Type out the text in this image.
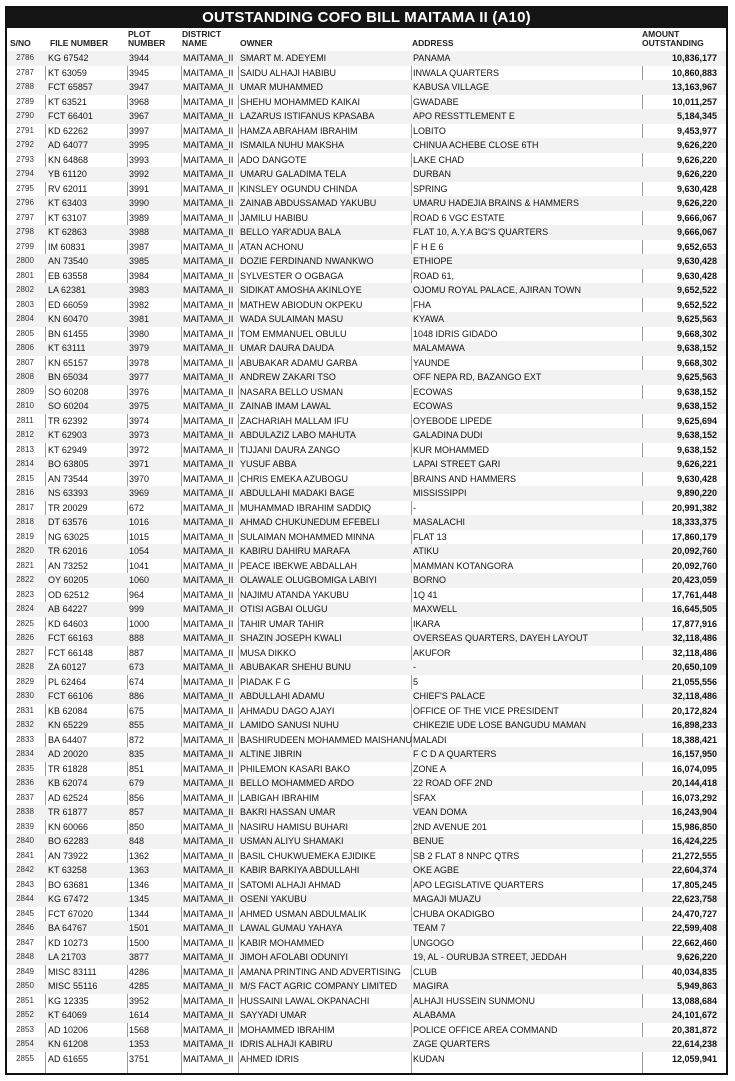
OUTSTANDING COFO BILL MAITAMA II (A10)
S/NO FILE NUMBER
PLOT
NUMBER
DISTRICT
NAME	OWNER	ADDRESS
AMOUNT
OUTSTANDING
2786	KG 67542	3944	MAITAMA_II SMART M. ADEYEMI	PANAMA	10,836,177
2787	KT 63059	3945	MAITAMA_II SAIDU ALHAJI HABIBU	INWALA QUARTERS	10,860,883
2788	FCT 65857	3947	MAITAMA_II UMAR MUHAMMED	KABUSA VILLAGE	13,163,967
2789	KT 63521	3968	MAITAMA_II SHEHU MOHAMMED KAIKAI	GWADABE	10,011,257
2790	FCT 66401	3967	MAITAMA_II LAZARUS ISTIFANUS KPASABA	APO RESSTTLEMENT E	5,184,345
2791	KD 62262	3997	MAITAMA_II HAMZA ABRAHAM IBRAHIM	LOBITO	9,453,977
2792	AD 64077	3995	MAITAMA_II ISMAILA NUHU MAKSHA	CHINUA ACHEBE CLOSE 6TH	9,626,220
2793	KN 64868	3993	MAITAMA_II ADO DANGOTE	LAKE CHAD	9,626,220
2794	YB 61120	3992	MAITAMA_II UMARU GALADIMA TELA	DURBAN	9,626,220
2795	RV 62011	3991	MAITAMA_II KINSLEY OGUNDU CHINDA	SPRING	9,630,428
2796	KT 63403	3990	MAITAMA_II ZAINAB ABDUSSAMAD YAKUBU	UMARU HADEJIA BRAINS & HAMMERS	9,626,220
2797	KT 63107	3989	MAITAMA_II JAMILU HABIBU	ROAD 6 VGC ESTATE	9,666,067
2798	KT 62863	3988	MAITAMA_II BELLO YAR'ADUA BALA	FLAT 10, A.Y.A BG'S QUARTERS	9,666,067
2799	IM 60831	3987	MAITAMA_II ATAN ACHONU	F H E 6	9,652,653
2800	AN 73540	3985	MAITAMA_II DOZIE FERDINAND NWANKWO	ETHIOPE	9,630,428
2801	EB 63558	3984	MAITAMA_II SYLVESTER O OGBAGA	ROAD 61,	9,630,428
2802	LA 62381	3983	MAITAMA_II SIDIKAT AMOSHA AKINLOYE	OJOMU ROYAL PALACE, AJIRAN TOWN	9,652,522
2803	ED 66059	3982	MAITAMA_II MATHEW ABIODUN OKPEKU	FHA	9,652,522
2804	KN 60470	3981	MAITAMA_II WADA SULAIMAN MASU	KYAWA	9,625,563
2805	BN 61455	3980	MAITAMA_II TOM EMMANUEL OBULU	1048 IDRIS GIDADO	9,668,302
2806	KT 63111	3979	MAITAMA_II UMAR DAURA DAUDA	MALAMAWA	9,638,152
2807	KN 65157	3978	MAITAMA_II ABUBAKAR ADAMU GARBA	YAUNDE	9,668,302
2808	BN 65034	3977	MAITAMA_II ANDREW ZAKARI TSO	OFF NEPA RD, BAZANGO EXT	9,625,563
2809	SO 60208	3976	MAITAMA_II NASARA BELLO USMAN	ECOWAS	9,638,152
2810	SO 60204	3975	MAITAMA_II ZAINAB IMAM LAWAL	ECOWAS	9,638,152
2811	TR 62392	3974	MAITAMA_II ZACHARIAH MALLAM IFU	OYEBODE LIPEDE	9,625,694
2812	KT 62903	3973	MAITAMA_II ABDULAZIZ LABO MAHUTA	GALADINA DUDI	9,638,152
2813	KT 62949	3972	MAITAMA_II TIJJANI DAURA ZANGO	KUR MOHAMMED	9,638,152
2814	BO 63805	3971	MAITAMA_II YUSUF ABBA	LAPAI STREET GARI	9,626,221
2815	AN 73544	3970	MAITAMA_II CHRIS EMEKA AZUBOGU	BRAINS AND HAMMERS	9,630,428
2816	NS 63393	3969	MAITAMA_II ABDULLAHI MADAKI BAGE	MISSISSIPPI	9,890,220
2817	TR 20029	672	MAITAMA_II MUHAMMAD IBRAHIM SADDIQ	-	20,991,382
2818	DT 63576	1016	MAITAMA_II AHMAD CHUKUNEDUM EFEBELI	MASALACHI	18,333,375
2819	NG 63025	1015	MAITAMA_II SULAIMAN MOHAMMED MINNA	FLAT 13	17,860,179
2820	TR 62016	1054	MAITAMA_II KABIRU DAHIRU MARAFA	ATIKU	20,092,760
2821	AN 73252	1041	MAITAMA_II PEACE IBEKWE ABDALLAH	MAMMAN KOTANGORA	20,092,760
2822	OY 60205	1060	MAITAMA_II OLAWALE OLUGBOMIGA LABIYI	BORNO	20,423,059
2823	OD 62512	964	MAITAMA_II NAJIMU ATANDA YAKUBU	1Q 41	17,761,448
2824	AB 64227	999	MAITAMA_II OTISI AGBAI OLUGU	MAXWELL	16,645,505
2825	KD 64603	1000	MAITAMA_II TAHIR UMAR TAHIR	IKARA	17,877,916
2826	FCT 66163	888	MAITAMA_II SHAZIN JOSEPH KWALI	OVERSEAS QUARTERS, DAYEH LAYOUT	32,118,486
2827	FCT 66148	887	MAITAMA_II MUSA DIKKO	AKUFOR	32,118,486
2828	ZA 60127	673	MAITAMA_II ABUBAKAR SHEHU BUNU	-	20,650,109
2829	PL 62464	674	MAITAMA_II PIADAK F G	5	21,055,556
2830	FCT 66106	886	MAITAMA_II ABDULLAHI ADAMU	CHIEF'S PALACE	32,118,486
2831	KB 62084	675	MAITAMA_II AHMADU DAGO AJAYI	OFFICE OF THE VICE PRESIDENT	20,172,824
2832	KN 65229	855	MAITAMA_II LAMIDO SANUSI NUHU	CHIKEZIE UDE LOSE BANGUDU MAMAN	16,898,233
2833	BA 64407	872	MAITAMA_II BASHIRUDEEN MOHAMMED MAISHANU MALADI	18,388,421
2834	AD 20020	835	MAITAMA_II ALTINE JIBRIN	F C D A QUARTERS	16,157,950
2835	TR 61828	851	MAITAMA_II PHILEMON KASARI BAKO	ZONE A	16,074,095
2836	KB 62074	679	MAITAMA_II BELLO MOHAMMED ARDO	22 ROAD OFF 2ND	20,144,418
2837	AD 62524	856	MAITAMA_II LABIGAH IBRAHIM	SFAX	16,073,292
2838	TR 61877	857	MAITAMA_II BAKRI HASSAN UMAR	VEAN DOMA	16,243,904
2839	KN 60066	850	MAITAMA_II NASIRU HAMISU BUHARI	2ND AVENUE 201	15,986,850
2840	BO 62283	848	MAITAMA_II USMAN ALIYU SHAMAKI	BENUE	16,424,225
2841	AN 73922	1362	MAITAMA_II BASIL CHUKWUEMEKA EJIDIKE	SB 2 FLAT 8 NNPC QTRS	21,272,555
2842	KT 63258	1363	MAITAMA_II KABIR BARKIYA ABDULLAHI	OKE AGBE	22,604,374
2843	BO 63681	1346	MAITAMA_II SATOMI ALHAJI AHMAD	APO LEGISLATIVE QUARTERS	17,805,245
2844	KG 67472	1345	MAITAMA_II OSENI YAKUBU	MAGAJI MUAZU	22,623,758
2845	FCT 67020	1344	MAITAMA_II AHMED USMAN ABDULMALIK	CHUBA OKADIGBO	24,470,727
2846	BA 64767	1501	MAITAMA_II LAWAL GUMAU YAHAYA	TEAM 7	22,599,408
2847	KD 10273	1500	MAITAMA_II KABIR MOHAMMED	UNGOGO	22,662,460
2848	LA 21703	3877	MAITAMA_II JIMOH AFOLABI ODUNIYI	19, AL - OURUBJA STREET, JEDDAH	9,626,220
2849	MISC 83111	4286	MAITAMA_II AMANA PRINTING AND ADVERTISING	CLUB	40,034,835
2850	MISC 55116	4285	MAITAMA_II M/S FACT AGRIC COMPANY LIMITED	MAGIRA	5,949,863
2851	KG 12335	3952	MAITAMA_II HUSSAINI LAWAL OKPANACHI	ALHAJI HUSSEIN SUNMONU	13,088,684
2852	KT 64069	1614	MAITAMA_II SAYYADI UMAR	ALABAMA	24,101,672
2853	AD 10206	1568	MAITAMA_II MOHAMMED IBRAHIM	POLICE OFFICE AREA COMMAND	20,381,872
2854	KN 61208	1353	MAITAMA_II IDRIS ALHAJI KABIRU	ZAGE QUARTERS	22,614,238
2855	AD 61655	3751	MAITAMA_II AHMED IDRIS	KUDAN	12,059,941
